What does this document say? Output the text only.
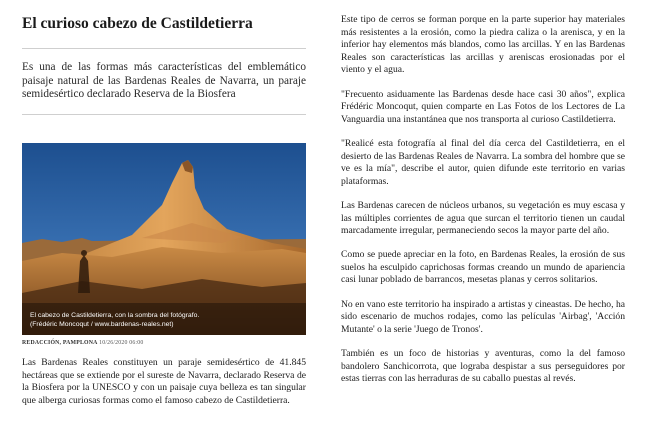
El curioso cabezo de Castildetierra

Es una de las formas más características del emblemático paisaje natural de las Bardenas Reales de Navarra, un paraje semidesértico declarado Reserva de la Biosfera

El cabezo de Castildetierra, con la sombra del fotógrafo.
(Frédéric Moncoqut / www.bardenas-reales.net)
REDACCIÓN, PAMPLONA 10/26/2020 06:00

Las Bardenas Reales constituyen un paraje semidesértico de 41.845 hectáreas que se extiende por el sureste de Navarra, declarado Reserva de la Biosfera por la UNESCO y con un paisaje cuya belleza es tan singular que alberga curiosas formas como el famoso cabezo de Castildetierra.

Este tipo de cerros se forman porque en la parte superior hay materiales más resistentes a la erosión, como la piedra caliza o la arenisca, y en la inferior hay elementos más blandos, como las arcillas. Y en las Bardenas Reales son características las arcillas y areniscas erosionadas por el viento y el agua.

"Frecuento asiduamente las Bardenas desde hace casi 30 años", explica Frédéric Moncoqut, quien comparte en Las Fotos de los Lectores de La Vanguardia una instantánea que nos transporta al curioso Castildetierra.

"Realicé esta fotografía al final del día cerca del Castildetierra, en el desierto de las Bardenas Reales de Navarra. La sombra del hombre que se ve es la mía", describe el autor, quien difunde este territorio en varias plataformas.

Las Bardenas carecen de núcleos urbanos, su vegetación es muy escasa y las múltiples corrientes de agua que surcan el territorio tienen un caudal marcadamente irregular, permaneciendo secos la mayor parte del año.

Como se puede apreciar en la foto, en Bardenas Reales, la erosión de sus suelos ha esculpido caprichosas formas creando un mundo de apariencia casi lunar poblado de barrancos, mesetas planas y cerros solitarios.

No en vano este territorio ha inspirado a artistas y cineastas. De hecho, ha sido escenario de muchos rodajes, como las películas 'Airbag', 'Acción Mutante' o la serie 'Juego de Tronos'.

También es un foco de historias y aventuras, como la del famoso bandolero Sanchicorrota, que lograba despistar a sus perseguidores por estas tierras con las herraduras de su caballo puestas al revés.
